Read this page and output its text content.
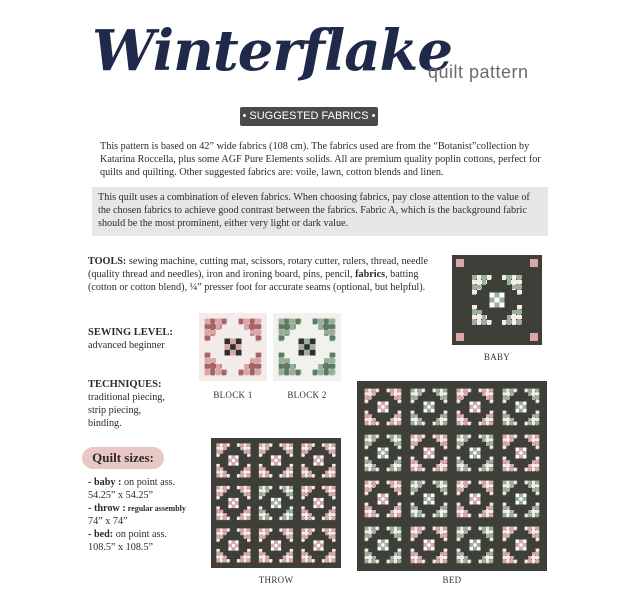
Winterflake
quilt pattern
• SUGGESTED FABRICS •
This pattern is based on 42” wide fabrics (108 cm). The fabrics used are from the “Botanist”collection by Katarina Roccella, plus some AGF Pure Elements solids. All are premium quality poplin cottons, perfect for quilts and quilting. Other suggested fabrics are: voile, lawn, cotton blends and linen.
This quilt uses a combination of eleven fabrics. When choosing fabrics, pay close attention to the value of the chosen fabrics to achieve good contrast between the fabrics. Fabric A, which is the background fabric should be the most prominent, either very light or dark value.
TOOLS: sewing machine, cutting mat, scissors, rotary cutter, rulers, thread, needle (quality thread and needles), iron and ironing board, pins, pencil, fabrics, batting (cotton or cotton blend), ¼” presser foot for accurate seams (optional, but helpful).
SEWING LEVEL:
advanced beginner
TECHNIQUES:
traditional piecing,
strip piecing,
binding.
Quilt sizes:
- baby : on point ass.
54.25” x 54.25”
- throw : regular assembly
74” x 74”
- bed: on point ass.
108.5” x 108.5”
BLOCK 1	BLOCK 2
BABY
THROW	BED
